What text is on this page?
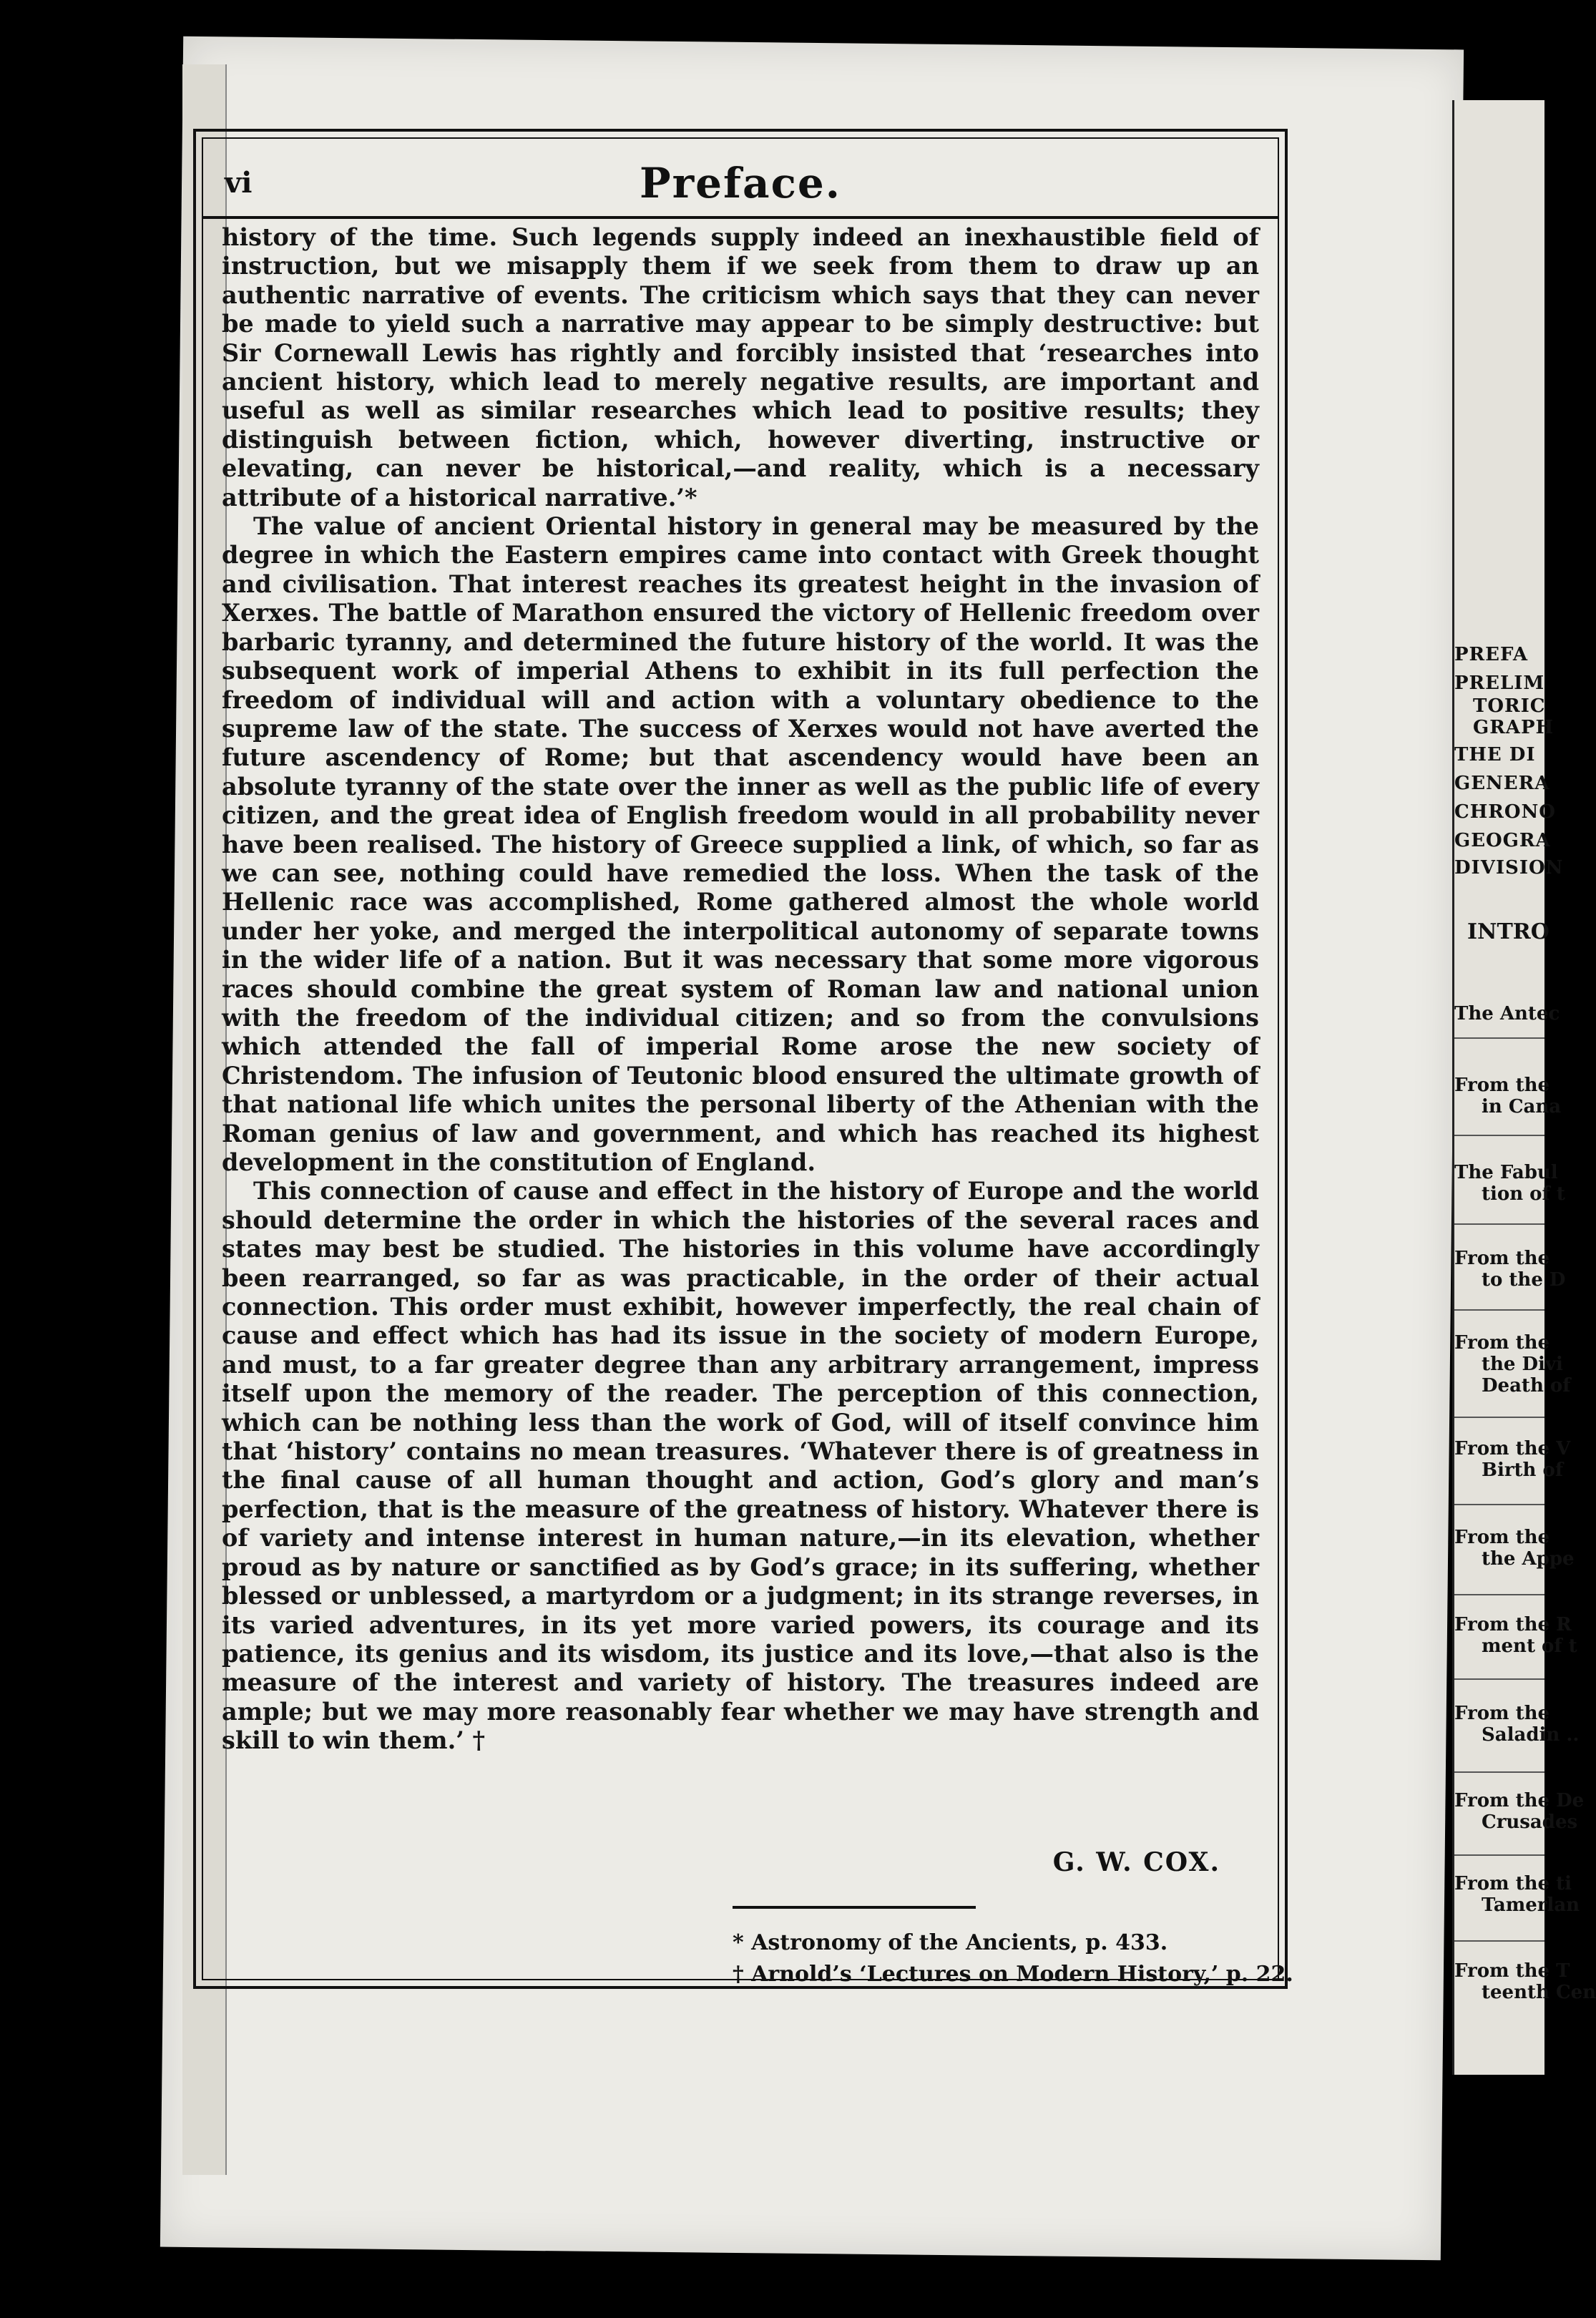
vi	Preface.

history of the time. Such legends supply indeed an inexhaustible field of instruction, but we misapply them if we seek from them to draw up an authentic narrative of events. The criticism which says that they can never be made to yield such a narrative may appear to be simply destructive: but Sir Cornewall Lewis has rightly and forcibly insisted that ‘researches into ancient history, which lead to merely negative results, are important and useful as well as similar researches which lead to positive results; they distinguish between fiction, which, however diverting, instructive or elevating, can never be historical,—and reality, which is a necessary attribute of a historical narrative.’*

The value of ancient Oriental history in general may be measured by the degree in which the Eastern empires came into contact with Greek thought and civilisation. That interest reaches its greatest height in the invasion of Xerxes. The battle of Marathon ensured the victory of Hellenic freedom over barbaric tyranny, and determined the future history of the world. It was the subsequent work of imperial Athens to exhibit in its full perfection the freedom of individual will and action with a voluntary obedience to the supreme law of the state. The success of Xerxes would not have averted the future ascendency of Rome; but that ascendency would have been an absolute tyranny of the state over the inner as well as the public life of every citizen, and the great idea of English freedom would in all probability never have been realised. The history of Greece supplied a link, of which, so far as we can see, nothing could have remedied the loss. When the task of the Hellenic race was accomplished, Rome gathered almost the whole world under her yoke, and merged the interpolitical autonomy of separate towns in the wider life of a nation. But it was necessary that some more vigorous races should combine the great system of Roman law and national union with the freedom of the individual citizen; and so from the convulsions which attended the fall of imperial Rome arose the new society of Christendom. The infusion of Teutonic blood ensured the ultimate growth of that national life which unites the personal liberty of the Athenian with the Roman genius of law and government, and which has reached its highest development in the constitution of England.

This connection of cause and effect in the history of Europe and the world should determine the order in which the histories of the several races and states may best be studied. The histories in this volume have accordingly been rearranged, so far as was practicable, in the order of their actual connection. This order must exhibit, however imperfectly, the real chain of cause and effect which has had its issue in the society of modern Europe, and must, to a far greater degree than any arbitrary arrangement, impress itself upon the memory of the reader. The perception of this connection, which can be nothing less than the work of God, will of itself convince him that ‘history’ contains no mean treasures. ‘Whatever there is of greatness in the final cause of all human thought and action, God’s glory and man’s perfection, that is the measure of the greatness of history. Whatever there is of variety and intense interest in human nature,—in its elevation, whether proud as by nature or sanctified as by God’s grace; in its suffering, whether blessed or unblessed, a martyrdom or a judgment; in its strange reverses, in its varied adventures, in its yet more varied powers, its courage and its patience, its genius and its wisdom, its justice and its love,—that also is the measure of the interest and variety of history. The treasures indeed are ample; but we may more reasonably fear whether we may have strength and skill to win them.’ †

G. W. COX.
* Astronomy of the Ancients, p. 433.
† Arnold’s ‘Lectures on Modern History,’ p. 22.
PREFA
PRELIM
TORIC
GRAPH
THE DI
GENERA
CHRONO
GEOGRA
DIVISION
INTRO
The Antec
From the
in Cana
The Fabul
tion of t
From the
to the D
From the
the Divi
Death of
From the V
Birth of
From the
the Appe
From the R
ment of t
From the
Saladin ..
From the De
Crusades
From the ti
Tamerlan
From the T
teenth Cen
